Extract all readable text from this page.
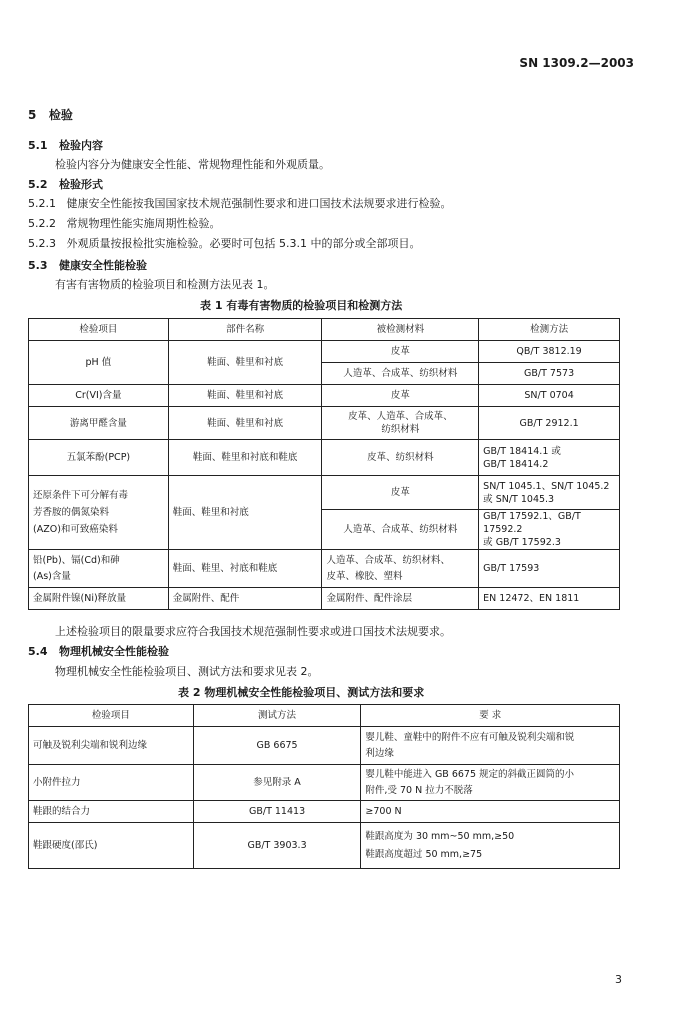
SN 1309.2—2003
5 检验
5.1 检验内容
检验内容分为健康安全性能、常规物理性能和外观质量。
5.2 检验形式
5.2.1 健康安全性能按我国国家技术规范强制性要求和进口国技术法规要求进行检验。
5.2.2 常规物理性能实施周期性检验。
5.2.3 外观质量按报检批实施检验。必要时可包括 5.3.1 中的部分或全部项目。
5.3 健康安全性能检验
有害有害物质的检验项目和检测方法见表 1。
表 1 有毒有害物质的检验项目和检测方法
检验项目	部件名称	被检测材料	检测方法
pH 值	鞋面、鞋里和衬底	皮革	QB/T 3812.19
		人造革、合成革、纺织材料	GB/T 7573
Cr(VI)含量	鞋面、鞋里和衬底	皮革	SN/T 0704
游离甲醛含量	鞋面、鞋里和衬底	皮革、人造革、合成革、
纺织材料	GB/T 2912.1
五氯苯酚(PCP)	鞋面、鞋里和衬底和鞋底	皮革、纺织材料	GB/T 18414.1 或
GB/T 18414.2
还原条件下可分解有毒
芳香胺的偶氮染料
(AZO)和可致癌染料	鞋面、鞋里和衬底	皮革	SN/T 1045.1、SN/T 1045.2
或 SN/T 1045.3
		人造革、合成革、纺织材料	GB/T 17592.1、GB/T 17592.2
或 GB/T 17592.3
铅(Pb)、镉(Cd)和砷
(As)含量	鞋面、鞋里、衬底和鞋底	人造革、合成革、纺织材料、
皮革、橡胶、塑料	GB/T 17593
金属附件镍(Ni)释放量	金属附件、配件	金属附件、配件涂层	EN 12472、EN 1811
上述检验项目的限量要求应符合我国技术规范强制性要求或进口国技术法规要求。
5.4 物理机械安全性能检验
物理机械安全性能检验项目、测试方法和要求见表 2。
表 2 物理机械安全性能检验项目、测试方法和要求
检验项目	测试方法	要 求
可触及锐利尖端和锐利边缘	GB 6675	婴儿鞋、童鞋中的附件不应有可触及锐利尖端和锐
利边缘
小附件拉力	参见附录 A	婴儿鞋中能进入 GB 6675 规定的斜截正圆筒的小
附件,受 70 N 拉力不脱落
鞋跟的结合力	GB/T 11413	≥700 N
鞋跟硬度(邵氏)	GB/T 3903.3	鞋跟高度为 30 mm~50 mm,≥50
鞋跟高度超过 50 mm,≥75
3
